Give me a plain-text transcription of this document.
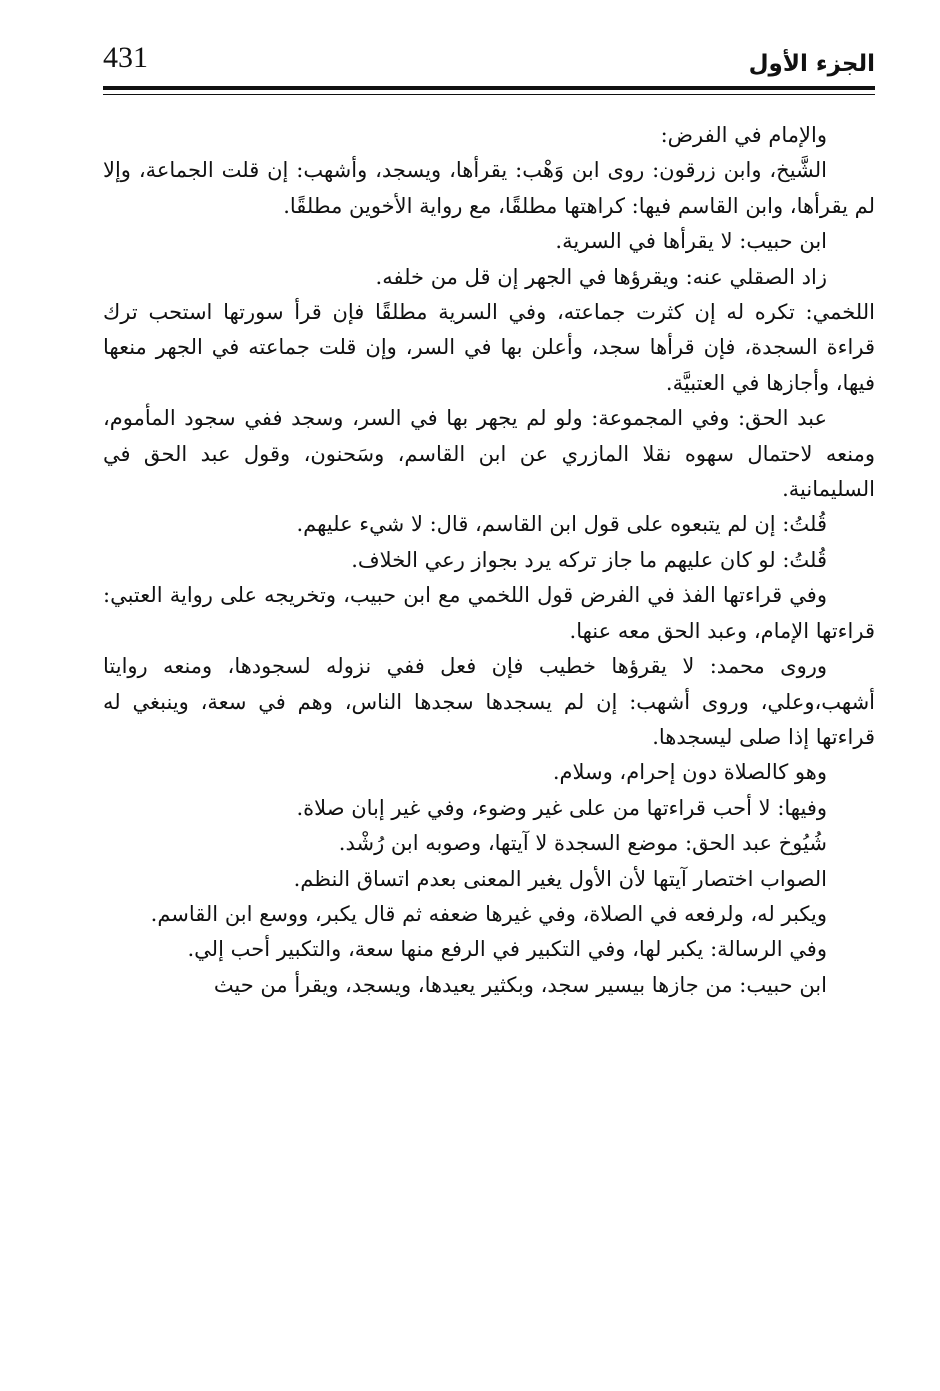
431	الجزء الأول

والإمام في الفرض:

الشَّيخ، وابن زرقون: روى ابن وَهْب: يقرأها، ويسجد، وأشهب: إن قلت الجماعة، وإلا لم يقرأها، وابن القاسم فيها: كراهتها مطلقًا، مع رواية الأخوين مطلقًا.

ابن حبيب: لا يقرأها في السرية.

زاد الصقلي عنه: ويقرؤها في الجهر إن قل من خلفه.

اللخمي: تكره له إن كثرت جماعته، وفي السرية مطلقًا فإن قرأ سورتها استحب ترك قراءة السجدة، فإن قرأها سجد، وأعلن بها في السر، وإن قلت جماعته في الجهر منعها فيها، وأجازها في العتبيَّة.

عبد الحق: وفي المجموعة: ولو لم يجهر بها في السر، وسجد ففي سجود المأموم، ومنعه لاحتمال سهوه نقلا المازري عن ابن القاسم، وسَحنون، وقول عبد الحق في السليمانية.

قُلتُ: إن لم يتبعوه على قول ابن القاسم، قال: لا شيء عليهم.

قُلتُ: لو كان عليهم ما جاز تركه يرد بجواز رعي الخلاف.

وفي قراءتها الفذ في الفرض قول اللخمي مع ابن حبيب، وتخريجه على رواية العتبي: قراءتها الإمام، وعبد الحق معه عنها.

وروى محمد: لا يقرؤها خطيب فإن فعل ففي نزوله لسجودها، ومنعه روايتا أشهب،وعلي، وروى أشهب: إن لم يسجدها سجدها الناس، وهم في سعة، وينبغي له قراءتها إذا صلى ليسجدها.

وهو كالصلاة دون إحرام، وسلام.

وفيها: لا أحب قراءتها من على غير وضوء، وفي غير إبان صلاة.

شُيُوخ عبد الحق: موضع السجدة لا آيتها، وصوبه ابن رُشْد.

الصواب اختصار آيتها لأن الأول يغير المعنى بعدم اتساق النظم.

ويكبر له، ولرفعه في الصلاة، وفي غيرها ضعفه ثم قال يكبر، ووسع ابن القاسم.

وفي الرسالة: يكبر لها، وفي التكبير في الرفع منها سعة، والتكبير أحب إلي.

ابن حبيب: من جازها بيسير سجد، وبكثير يعيدها، ويسجد، ويقرأ من حيث
